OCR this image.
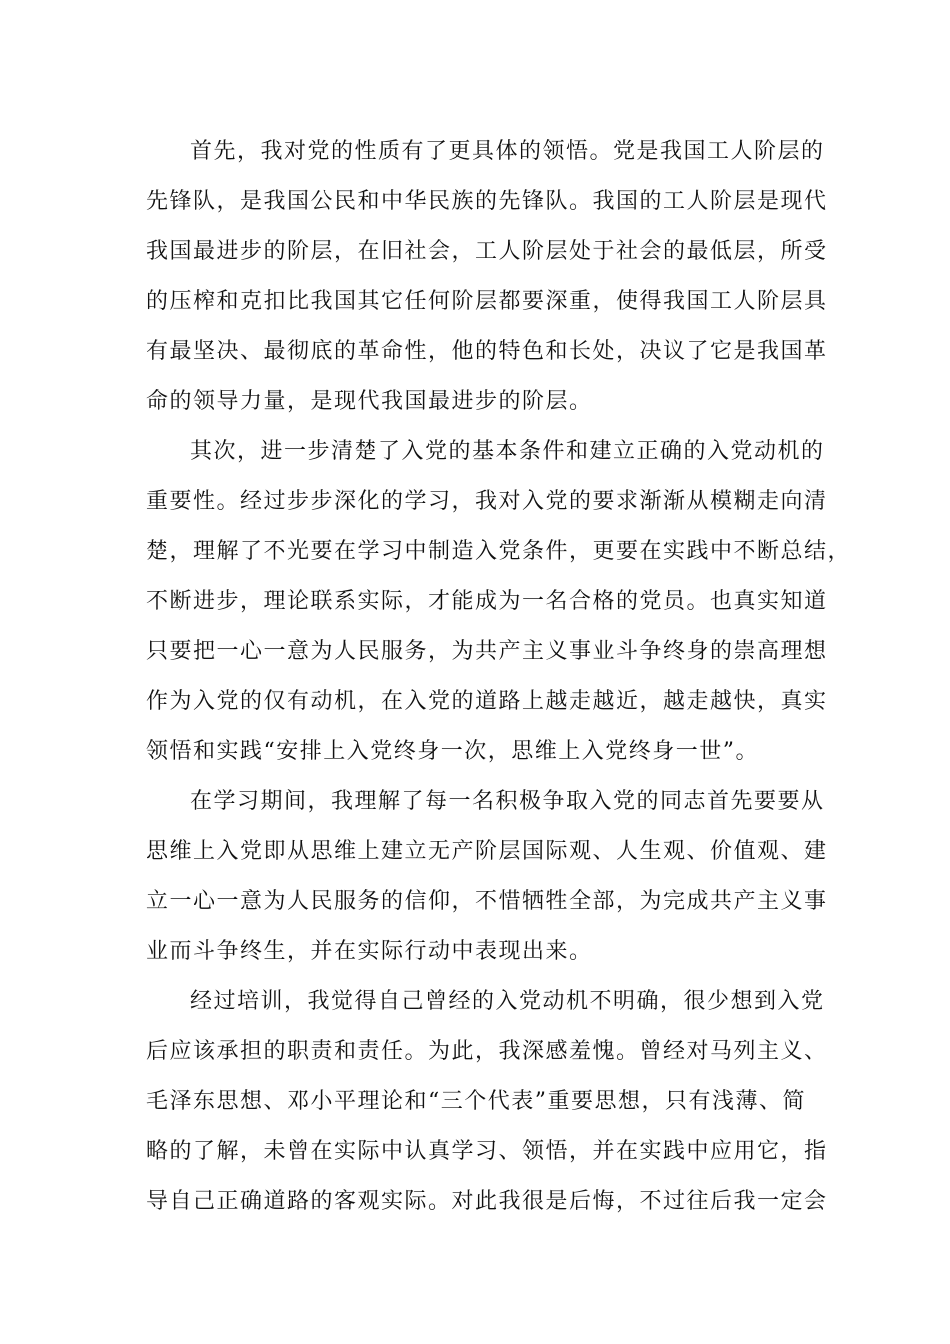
首先，我对党的性质有了更具体的领悟。党是我国工人阶层的
先锋队，是我国公民和中华民族的先锋队。我国的工人阶层是现代
我国最进步的阶层，在旧社会，工人阶层处于社会的最低层，所受
的压榨和克扣比我国其它任何阶层都要深重，使得我国工人阶层具
有最坚决、最彻底的革命性，他的特色和长处，决议了它是我国革
命的领导力量，是现代我国最进步的阶层。
其次，进一步清楚了入党的基本条件和建立正确的入党动机的
重要性。经过步步深化的学习，我对入党的要求渐渐从模糊走向清
楚，理解了不光要在学习中制造入党条件，更要在实践中不断总结，
不断进步，理论联系实际，才能成为一名合格的党员。也真实知道
只要把一心一意为人民服务，为共产主义事业斗争终身的崇高理想
作为入党的仅有动机，在入党的道路上越走越近，越走越快，真实
领悟和实践“安排上入党终身一次，思维上入党终身一世”。
在学习期间，我理解了每一名积极争取入党的同志首先要要从
思维上入党即从思维上建立无产阶层国际观、人生观、价值观、建
立一心一意为人民服务的信仰，不惜牺牲全部，为完成共产主义事
业而斗争终生，并在实际行动中表现出来。
经过培训，我觉得自己曾经的入党动机不明确，很少想到入党
后应该承担的职责和责任。为此，我深感羞愧。曾经对马列主义、
毛泽东思想、邓小平理论和“三个代表”重要思想，只有浅薄、简
略的了解，未曾在实际中认真学习、领悟，并在实践中应用它，指
导自己正确道路的客观实际。对此我很是后悔，不过往后我一定会
